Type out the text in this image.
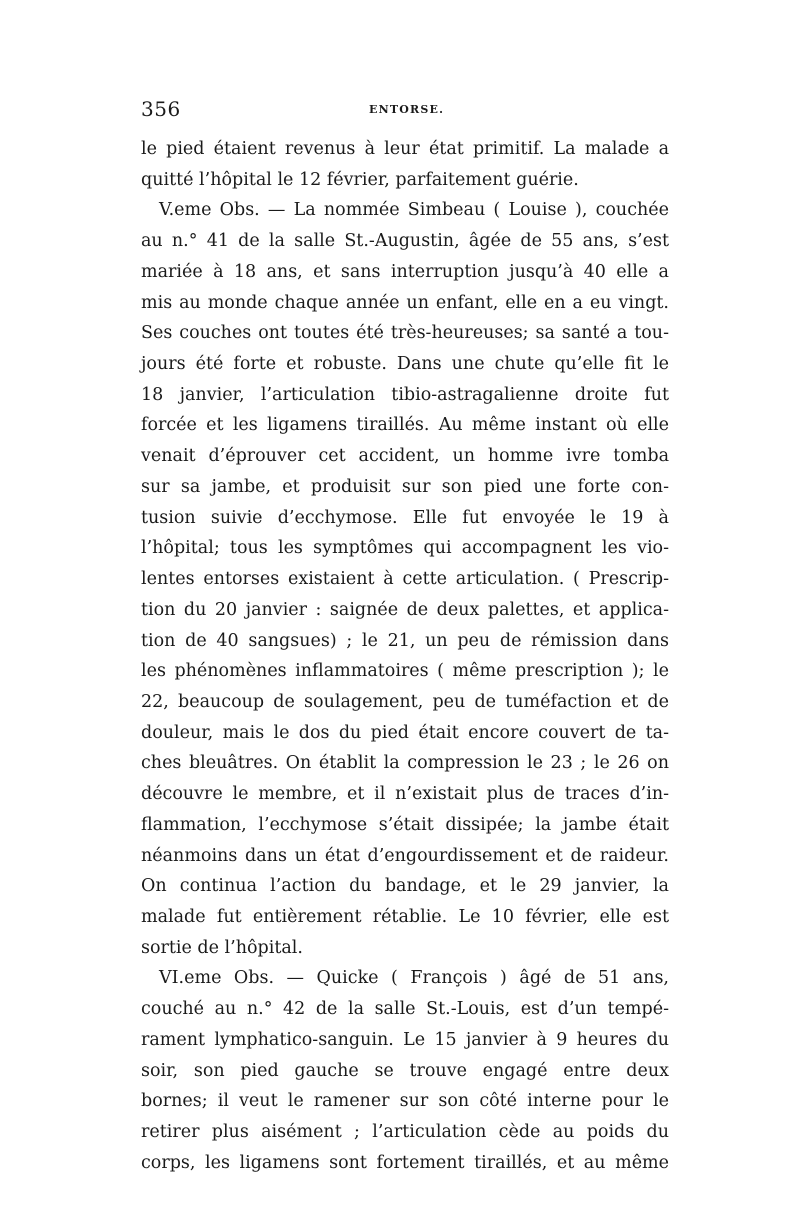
356	ENTORSE.
le pied étaient revenus à leur état primitif. La malade a
quitté l’hôpital le 12 février, parfaitement guérie.
V.eme Obs. — La nommée Simbeau ( Louise ), couchée
au n.° 41 de la salle St.-Augustin, âgée de 55 ans, s’est
mariée à 18 ans, et sans interruption jusqu’à 40 elle a
mis au monde chaque année un enfant, elle en a eu vingt.
Ses couches ont toutes été très-heureuses; sa santé a tou-
jours été forte et robuste. Dans une chute qu’elle fit le
18 janvier, l’articulation tibio-astragalienne droite fut
forcée et les ligamens tiraillés. Au même instant où elle
venait d’éprouver cet accident, un homme ivre tomba
sur sa jambe, et produisit sur son pied une forte con-
tusion suivie d’ecchymose. Elle fut envoyée le 19 à
l’hôpital; tous les symptômes qui accompagnent les vio-
lentes entorses existaient à cette articulation. ( Prescrip-
tion du 20 janvier : saignée de deux palettes, et applica-
tion de 40 sangsues) ; le 21, un peu de rémission dans
les phénomènes inflammatoires ( même prescription ); le
22, beaucoup de soulagement, peu de tuméfaction et de
douleur, mais le dos du pied était encore couvert de ta-
ches bleuâtres. On établit la compression le 23 ; le 26 on
découvre le membre, et il n’existait plus de traces d’in-
flammation, l’ecchymose s’était dissipée; la jambe était
néanmoins dans un état d’engourdissement et de raideur.
On continua l’action du bandage, et le 29 janvier, la
malade fut entièrement rétablie. Le 10 février, elle est
sortie de l’hôpital.
VI.eme Obs. — Quicke ( François ) âgé de 51 ans,
couché au n.° 42 de la salle St.-Louis, est d’un tempé-
rament lymphatico-sanguin. Le 15 janvier à 9 heures du
soir, son pied gauche se trouve engagé entre deux
bornes; il veut le ramener sur son côté interne pour le
retirer plus aisément ; l’articulation cède au poids du
corps, les ligamens sont fortement tiraillés, et au même
